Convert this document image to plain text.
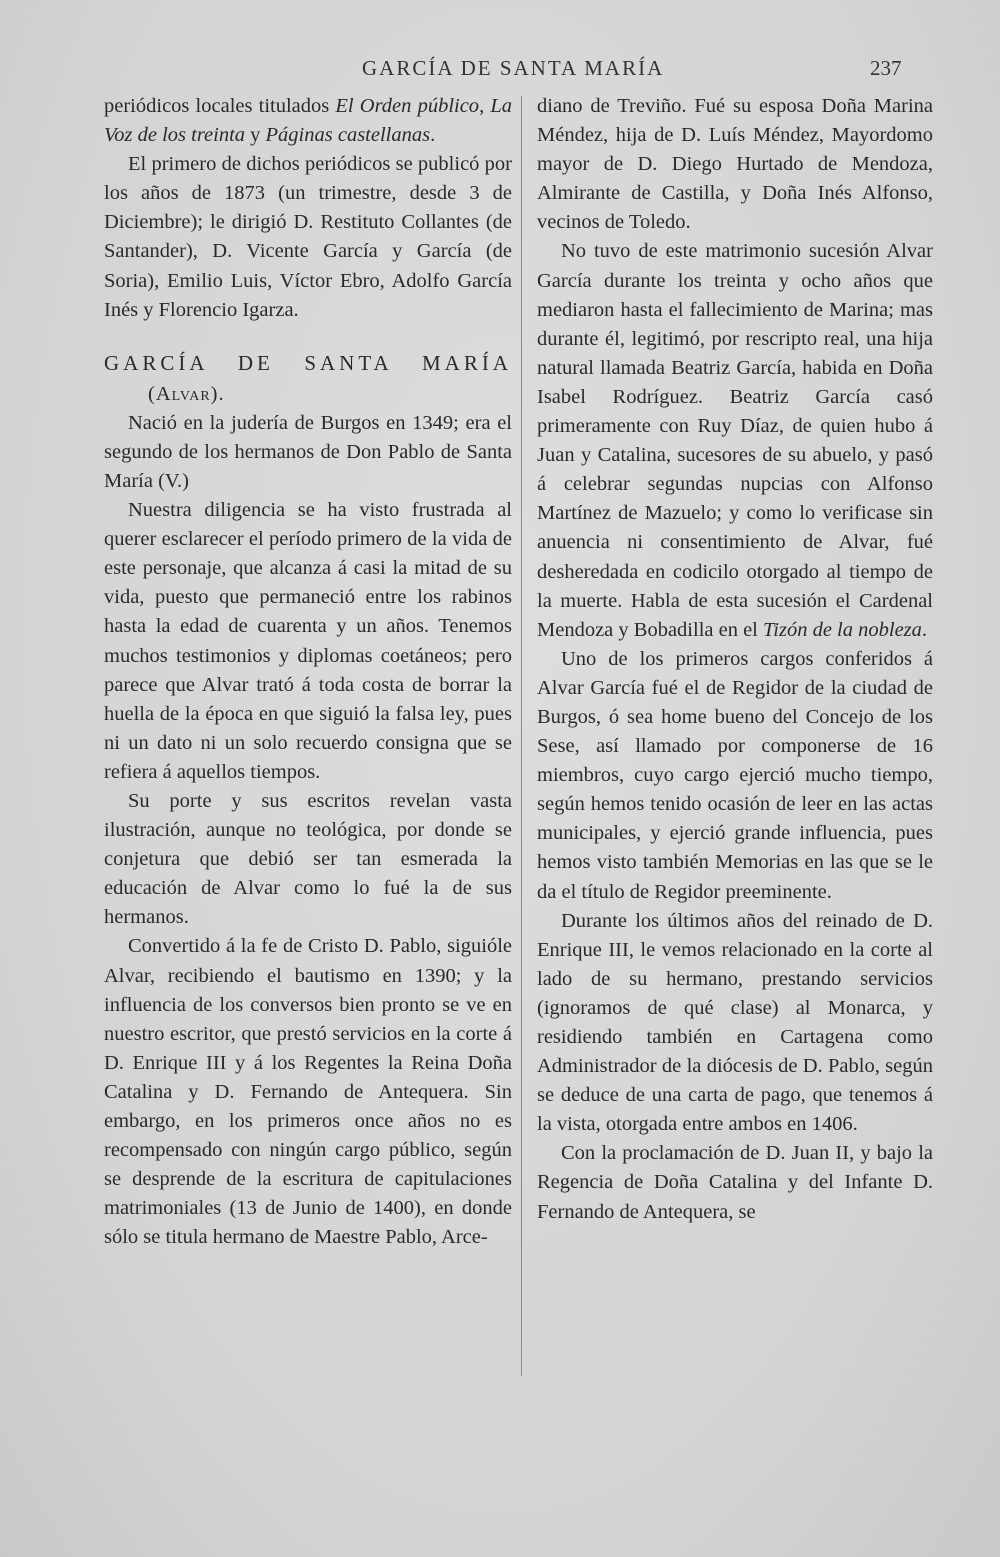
GARCÍA DE SANTA MARÍA	237

periódicos locales titulados El Orden público, La Voz de los treinta y Páginas castellanas.

El primero de dichos periódicos se publicó por los años de 1873 (un trimestre, desde 3 de Diciembre); le dirigió D. Restituto Collantes (de Santander), D. Vicente García y García (de Soria), Emilio Luis, Víctor Ebro, Adolfo García Inés y Florencio Igarza.

GARCÍA DE SANTA MARÍA
(Alvar).

Nació en la judería de Burgos en 1349; era el segundo de los hermanos de Don Pablo de Santa María (V.)

Nuestra diligencia se ha visto frustrada al querer esclarecer el período primero de la vida de este personaje, que alcanza á casi la mitad de su vida, puesto que permaneció entre los rabinos hasta la edad de cuarenta y un años. Tenemos muchos testimonios y diplomas coetáneos; pero parece que Alvar trató á toda costa de borrar la huella de la época en que siguió la falsa ley, pues ni un dato ni un solo recuerdo consigna que se refiera á aquellos tiempos.

Su porte y sus escritos revelan vasta ilustración, aunque no teológica, por donde se conjetura que debió ser tan esmerada la educación de Alvar como lo fué la de sus hermanos.

Convertido á la fe de Cristo D. Pablo, siguióle Alvar, recibiendo el bautismo en 1390; y la influencia de los conversos bien pronto se ve en nuestro escritor, que prestó servicios en la corte á D. Enrique III y á los Regentes la Reina Doña Catalina y D. Fernando de Antequera. Sin embargo, en los primeros once años no es recompensado con ningún cargo público, según se desprende de la escritura de capitulaciones matrimoniales (13 de Junio de 1400), en donde sólo se titula hermano de Maestre Pablo, Arce-

diano de Treviño. Fué su esposa Doña Marina Méndez, hija de D. Luís Méndez, Mayordomo mayor de D. Diego Hurtado de Mendoza, Almirante de Castilla, y Doña Inés Alfonso, vecinos de Toledo.

No tuvo de este matrimonio sucesión Alvar García durante los treinta y ocho años que mediaron hasta el fallecimiento de Marina; mas durante él, legitimó, por rescripto real, una hija natural llamada Beatriz García, habida en Doña Isabel Rodríguez. Beatriz García casó primeramente con Ruy Díaz, de quien hubo á Juan y Catalina, sucesores de su abuelo, y pasó á celebrar segundas nupcias con Alfonso Martínez de Mazuelo; y como lo verificase sin anuencia ni consentimiento de Alvar, fué desheredada en codicilo otorgado al tiempo de la muerte. Habla de esta sucesión el Cardenal Mendoza y Bobadilla en el Tizón de la nobleza.

Uno de los primeros cargos conferidos á Alvar García fué el de Regidor de la ciudad de Burgos, ó sea home bueno del Concejo de los Sese, así llamado por componerse de 16 miembros, cuyo cargo ejerció mucho tiempo, según hemos tenido ocasión de leer en las actas municipales, y ejerció grande influencia, pues hemos visto también Memorias en las que se le da el título de Regidor preeminente.

Durante los últimos años del reinado de D. Enrique III, le vemos relacionado en la corte al lado de su hermano, prestando servicios (ignoramos de qué clase) al Monarca, y residiendo también en Cartagena como Administrador de la diócesis de D. Pablo, según se deduce de una carta de pago, que tenemos á la vista, otorgada entre ambos en 1406.

Con la proclamación de D. Juan II, y bajo la Regencia de Doña Catalina y del Infante D. Fernando de Antequera, se
